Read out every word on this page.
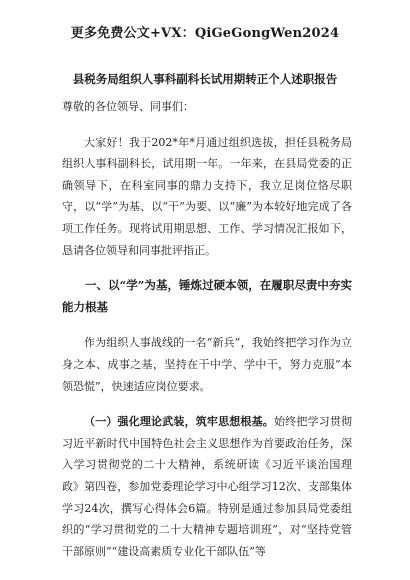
更多免费公文+VX：QiGeGongWen2024
县税务局组织人事科副科长试用期转正个人述职报告

尊敬的各位领导、同事们：

大家好！我于202*年*月通过组织选拔，担任县税务局组织人事科副科长，试用期一年。一年来，在县局党委的正确领导下，在科室同事的鼎力支持下，我立足岗位恪尽职守，以“学”为基、以“干”为要、以“廉”为本较好地完成了各项工作任务。现将试用期思想、工作、学习情况汇报如下，恳请各位领导和同事批评指正。

一、以“学”为基，锤炼过硬本领，在履职尽责中夯实能力根基

作为组织人事战线的一名“新兵”，我始终把学习作为立身之本、成事之基，坚持在干中学、学中干，努力克服“本领恐慌”，快速适应岗位要求。

（一）强化理论武装，筑牢思想根基。始终把学习贯彻习近平新时代中国特色社会主义思想作为首要政治任务，深入学习贯彻党的二十大精神，系统研读《习近平谈治国理政》第四卷，参加党委理论学习中心组学习12次、支部集体学习24次，撰写心得体会6篇。特别是通过参加县局党委组织的“学习贯彻党的二十大精神专题培训班”，对“坚持党管干部原则”“建设高素质专业化干部队伍”等
